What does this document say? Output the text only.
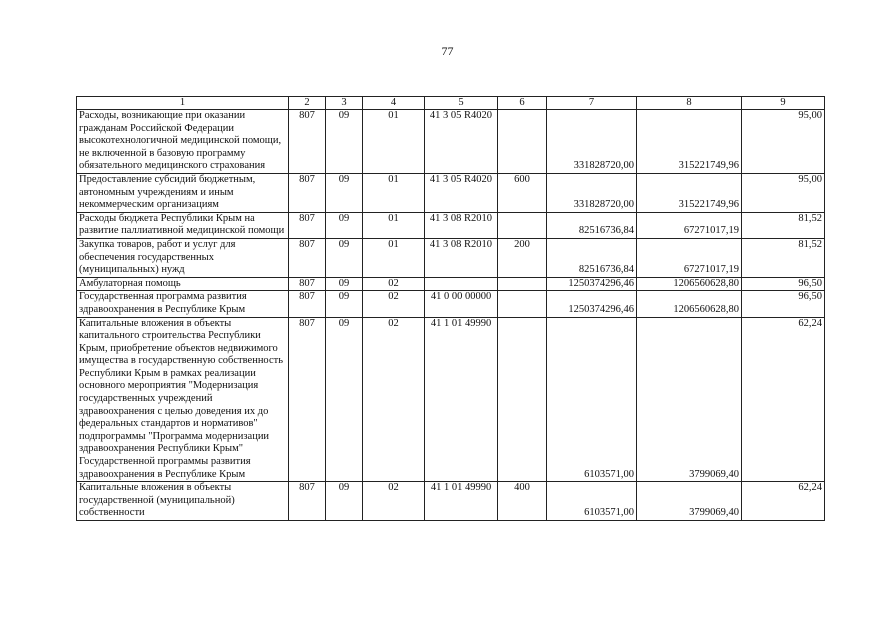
77
1	2	3	4	5	6	7	8	9
Расходы, возникающие при оказании гражданам Российской Федерации высокотехнологичной медицинской помощи, не включенной в базовую программу обязательного медицинского страхования	807	09	01	41 3 05 R4020		331828720,00	315221749,96	95,00
Предоставление субсидий бюджетным, автономным учреждениям и иным некоммерческим организациям	807	09	01	41 3 05 R4020	600	331828720,00	315221749,96	95,00
Расходы бюджета Республики Крым на развитие паллиативной медицинской помощи	807	09	01	41 3 08 R2010		82516736,84	67271017,19	81,52
Закупка товаров, работ и услуг для обеспечения государственных (муниципальных) нужд	807	09	01	41 3 08 R2010	200	82516736,84	67271017,19	81,52
Амбулаторная помощь	807	09	02			1250374296,46	1206560628,80	96,50
Государственная программа развития здравоохранения в Республике Крым	807	09	02	41 0 00 00000		1250374296,46	1206560628,80	96,50
Капитальные вложения в объекты капитального строительства Республики Крым, приобретение объектов недвижимого имущества в государственную собственность Республики Крым в рамках реализации основного мероприятия "Модернизация государственных учреждений здравоохранения с целью доведения их до федеральных стандартов и нормативов" подпрограммы "Программа модернизации здравоохранения Республики Крым" Государственной программы развития здравоохранения в Республике Крым	807	09	02	41 1 01 49990		6103571,00	3799069,40	62,24
Капитальные вложения в объекты государственной (муниципальной) собственности	807	09	02	41 1 01 49990	400	6103571,00	3799069,40	62,24
